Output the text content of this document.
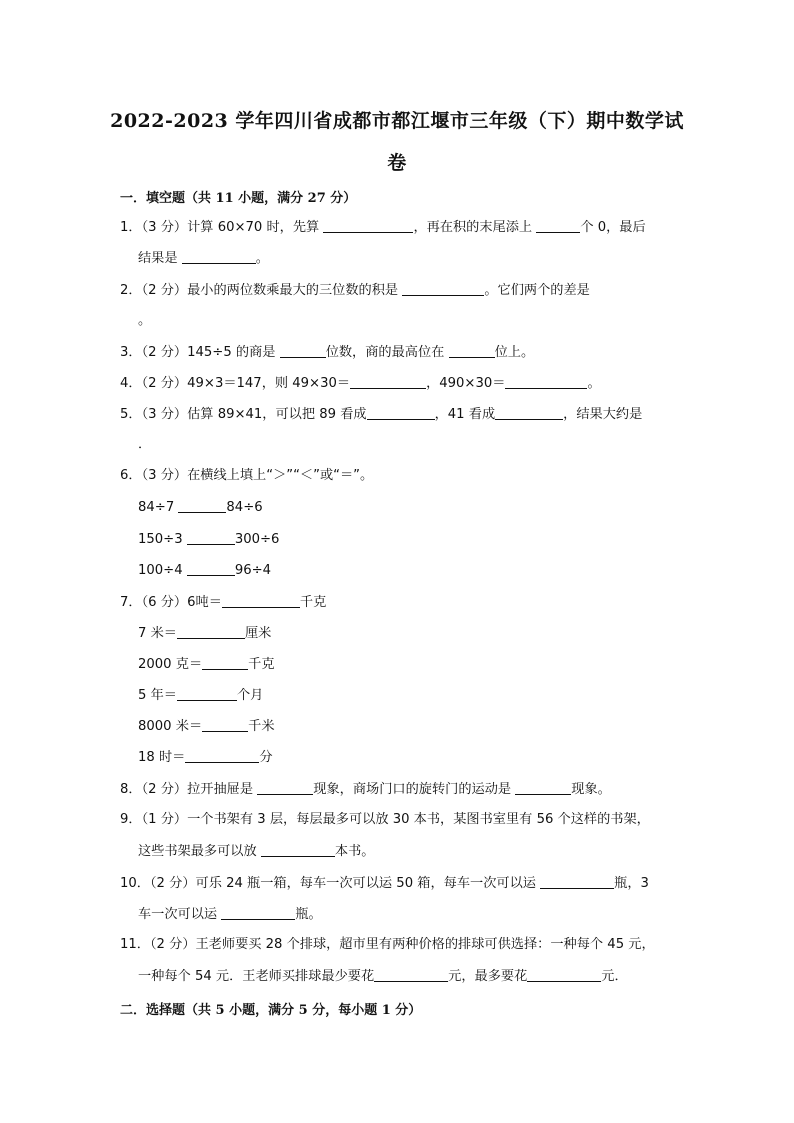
2022-2023 学年四川省成都市都江堰市三年级（下）期中数学试
卷
一．填空题（共 11 小题，满分 27 分）
1．（3 分）计算 60×70 时，先算	，再在积的末尾添上	个 0，最后
结果是	。
2．（2 分）最小的两位数乘最大的三位数的积是	。它们两个的差是
。
3．（2 分）145÷5 的商是	位数，商的最高位在	位上。
4．（2 分）49×3＝147，则 49×30＝	，490×30＝	。
5．（3 分）估算 89×41，可以把 89 看成	，41 看成	，结果大约是
．
6．（3 分）在横线上填上“＞”“＜”或“＝”。
84÷7	84÷6
150÷3	300÷6
100÷4	96÷4
7．（6 分）6吨＝	千克
7 米＝	厘米
2000 克＝	千克
5 年＝	个月
8000 米＝	千米
18 时＝	分
8．（2 分）拉开抽屉是	现象，商场门口的旋转门的运动是	现象。
9．（1 分）一个书架有 3 层，每层最多可以放 30 本书，某图书室里有 56 个这样的书架，
这些书架最多可以放	本书。
10．（2 分）可乐 24 瓶一箱，每车一次可以运 50 箱，每车一次可以运	瓶，3
车一次可以运	瓶。
11．（2 分）王老师要买 28 个排球，超市里有两种价格的排球可供选择：一种每个 45 元，
一种每个 54 元．王老师买排球最少要花	元，最多要花	元．
二．选择题（共 5 小题，满分 5 分，每小题 1 分）
